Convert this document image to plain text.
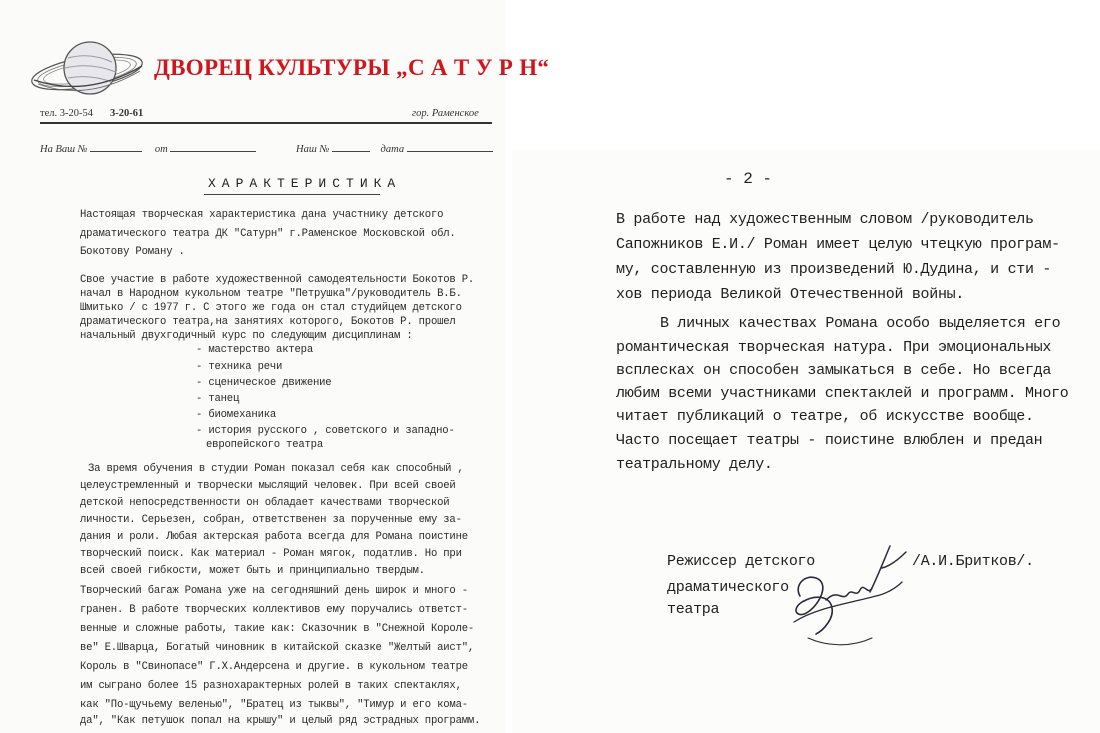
ДВОРЕЦ КУЛЬТУРЫ „С А Т У Р Н“
тел. 3-20-54 3-20-61	гор. Раменское
На Ваш №	от	Наш №	дата
ХАРАКТЕРИСТИКА
Настоящая творческая характеристика дана участнику детского
драматического театра ДК "Сатурн" г.Раменское Московской обл.
Бокотову Роману .
Свое участие в работе художественной самодеятельности Бокотов Р.
начал в Народном кукольном театре "Петрушка"/руководитель В.Б.
Шмитько / с 1977 г. С этого же года он стал студийцем детского
драматического театра,на занятиях которого, Бокотов Р. прошел
начальный двухгодичный курс по следующим дисциплинам :
- мастерство актера
- техника речи
- сценическое движение
- танец
- биомеханика
- история русского , советского и западно-
европейского театра
За время обучения в студии Роман показал себя как способный ,
целеустремленный и творчески мыслящий человек. При всей своей
детской непосредственности он обладает качествами творческой
личности. Серьезен, собран, ответственен за порученные ему за-
дания и роли. Любая актерская работа всегда для Романа поистине
творческий поиск. Как материал - Роман мягок, податлив. Но при
всей своей гибкости, может быть и принципиально твердым.
Творческий багаж Романа уже на сегодняшний день широк и много -
гранен. В работе творческих коллективов ему поручались ответст-
венные и сложные работы, такие как: Сказочник в "Снежной Короле-
ве" Е.Шварца, Богатый чиновник в китайской сказке "Желтый аист",
Король в "Свинопасе" Г.Х.Андерсена и другие. в кукольном театре
им сыграно более 15 разнохарактерных ролей в таких спектаклях,
как "По-щучьему веленью", "Братец из тыквы", "Тимур и его кома-
да", "Как петушок попал на крышу" и целый ряд эстрадных программ.
- 2 -
В работе над художественным словом /руководитель
Сапожников Е.И./ Роман имеет целую чтецкую програм-
му, составленную из произведений Ю.Дудина, и сти -
хов периода Великой Отечественной войны.
В личных качествах Романа особо выделяется его
романтическая творческая натура. При эмоциональных
всплесках он способен замыкаться в себе. Но всегда
любим всеми участниками спектаклей и программ. Много
читает публикаций о театре, об искусстве вообще.
Часто посещает театры - поистине влюблен и предан
театральному делу.
Режиссер детского
драматического
театра
/А.И.Бритков/.
